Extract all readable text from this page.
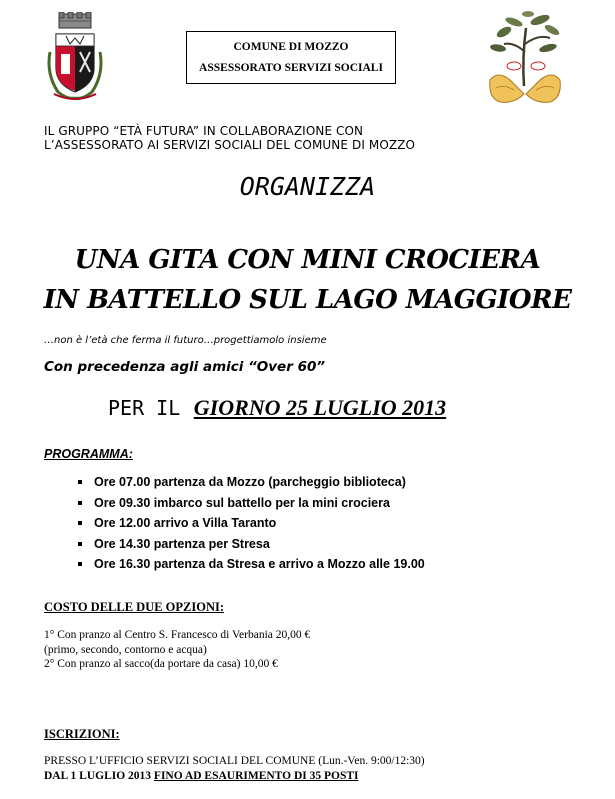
COMUNE DI MOZZO
ASSESSORATO SERVIZI SOCIALI
IL GRUPPO “ETÀ FUTURA” IN COLLABORAZIONE CON
L’ASSESSORATO AI SERVIZI SOCIALI DEL COMUNE DI MOZZO
ORGANIZZA
UNA GITA CON MINI CROCIERA
IN BATTELLO SUL LAGO MAGGIORE
…non è l’età che ferma il futuro…progettiamolo insieme
Con precedenza agli amici “Over 60”
PER IL GIORNO 25 LUGLIO 2013
PROGRAMMA:
Ore 07.00 partenza da Mozzo (parcheggio biblioteca)
Ore 09.30 imbarco sul battello per la mini crociera
Ore 12.00 arrivo a Villa Taranto
Ore 14.30 partenza per Stresa
Ore 16.30 partenza da Stresa e arrivo a Mozzo alle 19.00
COSTO DELLE DUE OPZIONI:
1° Con pranzo al Centro S. Francesco di Verbania 20,00 €
(primo, secondo, contorno e acqua)
2° Con pranzo al sacco(da portare da casa) 10,00 €
ISCRIZIONI:
PRESSO L’UFFICIO SERVIZI SOCIALI DEL COMUNE (Lun.-Ven. 9:00/12:30)
DAL 1 LUGLIO 2013 FINO AD ESAURIMENTO DI 35 POSTI
